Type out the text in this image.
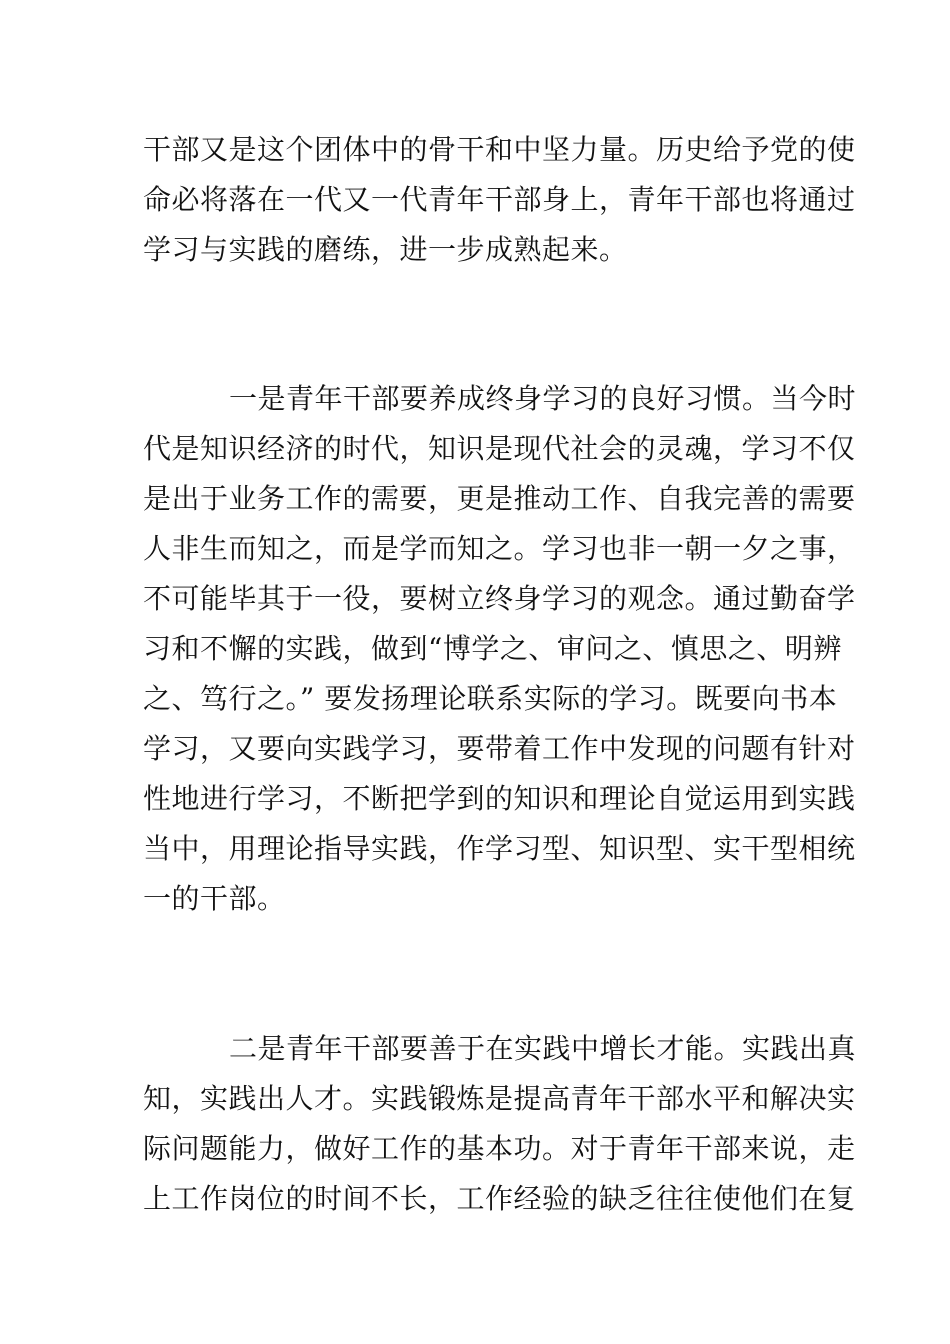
干部又是这个团体中的骨干和中坚力量。历史给予党的使
命必将落在一代又一代青年干部身上，青年干部也将通过
学习与实践的磨练，进一步成熟起来。
一是青年干部要养成终身学习的良好习惯。当今时
代是知识经济的时代，知识是现代社会的灵魂，学习不仅
是出于业务工作的需要，更是推动工作、自我完善的需要
人非生而知之，而是学而知之。学习也非一朝一夕之事，
不可能毕其于一役，要树立终身学习的观念。通过勤奋学
习和不懈的实践，做到“博学之、审问之、慎思之、明辨
之、笃行之。” 要发扬理论联系实际的学习。既要向书本
学习，又要向实践学习，要带着工作中发现的问题有针对
性地进行学习，不断把学到的知识和理论自觉运用到实践
当中，用理论指导实践，作学习型、知识型、实干型相统
一的干部。
二是青年干部要善于在实践中增长才能。实践出真
知，实践出人才。实践锻炼是提高青年干部水平和解决实
际问题能力，做好工作的基本功。对于青年干部来说，走
上工作岗位的时间不长，工作经验的缺乏往往使他们在复
